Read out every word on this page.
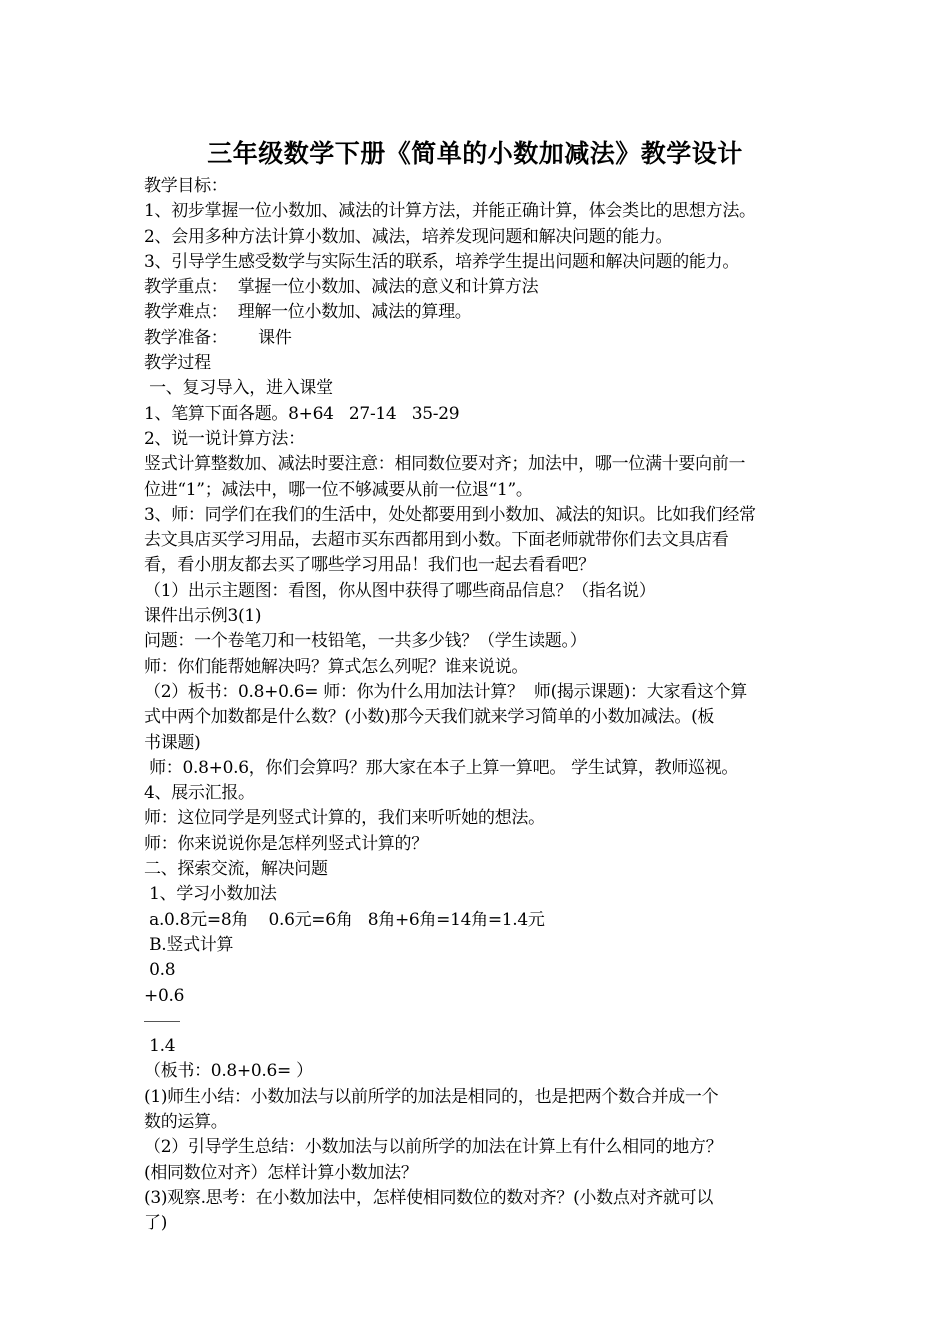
三年级数学下册《简单的小数加减法》教学设计
教学目标：
1、初步掌握一位小数加、减法的计算方法，并能正确计算，体会类比的思想方法。
2、会用多种方法计算小数加、减法，培养发现问题和解决问题的能力。
3、引导学生感受数学与实际生活的联系，培养学生提出问题和解决问题的能力。
教学重点：  掌握一位小数加、减法的意义和计算方法
教学难点：  理解一位小数加、减法的算理。
教学准备：      课件
教学过程
一、复习导入，进入课堂
1、笔算下面各题。8+64   27-14   35-29
2、说一说计算方法：
竖式计算整数加、减法时要注意：相同数位要对齐；加法中，哪一位满十要向前一
位进“1”；减法中，哪一位不够减要从前一位退“1”。
3、师：同学们在我们的生活中，处处都要用到小数加、减法的知识。比如我们经常
去文具店买学习用品，去超市买东西都用到小数。下面老师就带你们去文具店看
看，看小朋友都去买了哪些学习用品！我们也一起去看看吧？
（1）出示主题图：看图，你从图中获得了哪些商品信息？（指名说）
课件出示例3(1)
问题：一个卷笔刀和一枝铅笔，一共多少钱？（学生读题。）
师：你们能帮她解决吗？算式怎么列呢？谁来说说。
（2）板书：0.8+0.6= 师：你为什么用加法计算？  师(揭示课题)：大家看这个算
式中两个加数都是什么数？(小数)那今天我们就来学习简单的小数加减法。(板
书课题)
师：0.8+0.6，你们会算吗？那大家在本子上算一算吧。 学生试算，教师巡视。
4、展示汇报。
师：这位同学是列竖式计算的，我们来听听她的想法。
师：你来说说你是怎样列竖式计算的？
二、探索交流，解决问题
1、学习小数加法
a.0.8元=8角    0.6元=6角   8角+6角=14角=1.4元
B.竖式计算
0.8
+0.6
1.4
（板书：0.8+0.6= ）
(1)师生小结：小数加法与以前所学的加法是相同的，也是把两个数合并成一个
数的运算。
（2）引导学生总结：小数加法与以前所学的加法在计算上有什么相同的地方？
(相同数位对齐）怎样计算小数加法？
(3)观察.思考：在小数加法中，怎样使相同数位的数对齐？(小数点对齐就可以
了)
